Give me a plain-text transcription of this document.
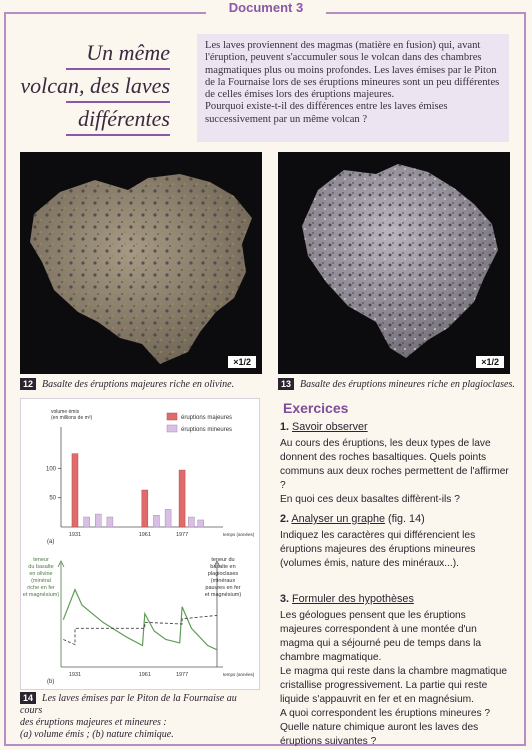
Document 3
Un même
volcan, des laves
différentes

Les laves proviennent des magmas (matière en fusion) qui, avant l'éruption, peuvent s'accumuler sous le volcan dans des chambres magmatiques plus ou moins profondes. Les laves émises par le Piton de la Fournaise lors de ses éruptions mineures sont un peu différentes de celles émises lors des éruptions majeures.

Pourquoi existe-t-il des différences entre les laves émises successivement par un même volcan ?

×1/2
12 Basalte des éruptions majeures riche en olivine.
×1/2
13 Basalte des éruptions mineures riche en plagioclases.
volume émis
(en millions de m³)
50
100
1931	1961	1977	temps (années)
(a)
éruptions majeures
éruptions mineures
teneur
du basalte
en olivine
(minéral
riche en fer
et magnésium)
teneur du
basalte en
plagioclases
(minéraux
pauvres en fer
et magnésium)
1931	1961	1977	temps (années)
(b)
14 Les laves émises par le Piton de la Fournaise au cours
des éruptions majeures et mineures :
(a) volume émis ; (b) nature chimique.
Exercices
1. Savoir observer

Au cours des éruptions, les deux types de lave donnent des roches basaltiques. Quels points communs aux deux roches permettent de l'affirmer ?

En quoi ces deux basaltes diffèrent-ils ?

2. Analyser un graphe (fig. 14)

Indiquez les caractères qui différencient les éruptions majeures des éruptions mineures (volumes émis, nature des minéraux...).

3. Formuler des hypothèses

Les géologues pensent que les éruptions majeures correspondent à une montée d'un magma qui a séjourné peu de temps dans la chambre magmatique.

Le magma qui reste dans la chambre magmatique cristallise progressivement. La partie qui reste liquide s'appauvrit en fer et en magnésium.

A quoi correspondent les éruptions mineures ?

Quelle nature chimique auront les laves des éruptions suivantes ?
